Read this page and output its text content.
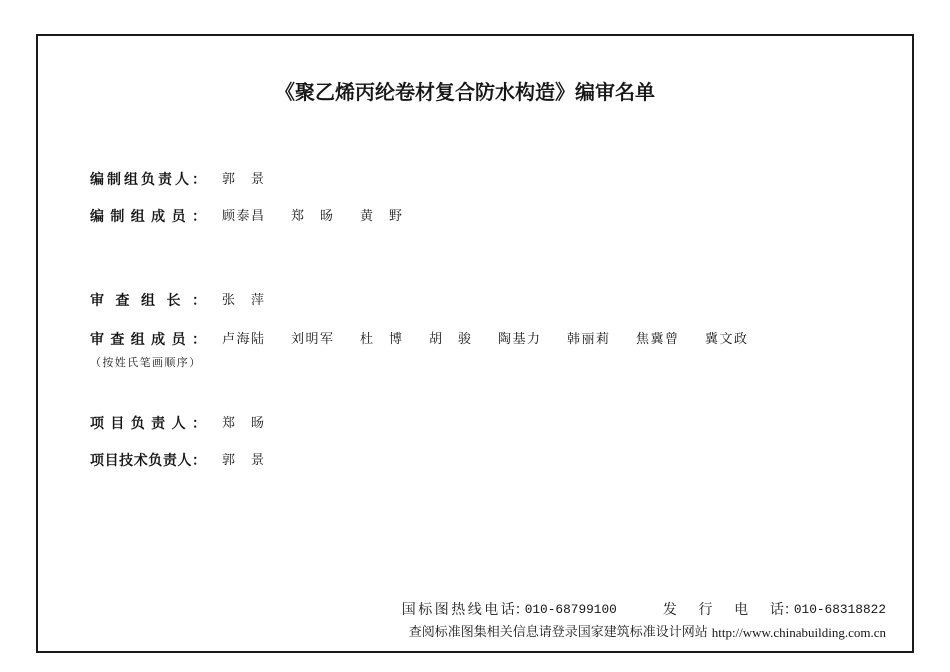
《聚乙烯丙纶卷材复合防水构造》编审名单
编 制 组 负 责 人 ： 郭 景
编 制 组 成 员 ： 顾 泰 昌 郑 旸 黄 野
审 查 组 长 ： 张 萍
审 查 组 成 员 ： 卢 海 陆 刘 明 军 杜 博 胡 骏 陶 基 力 韩 丽 莉 焦 冀 曾 冀 文 政
（按姓氏笔画顺序）
项 目 负 责 人 ： 郑 旸
项 目 技 术 负 责 人 ： 郭 景
国 标 图 热 线 电 话 ：
010-68799100	发 行 电 话 ：
010-68318822
查阅标准图集相关信息请登录国家建筑标准设计网站 http://www.chinabuilding.com.cn
